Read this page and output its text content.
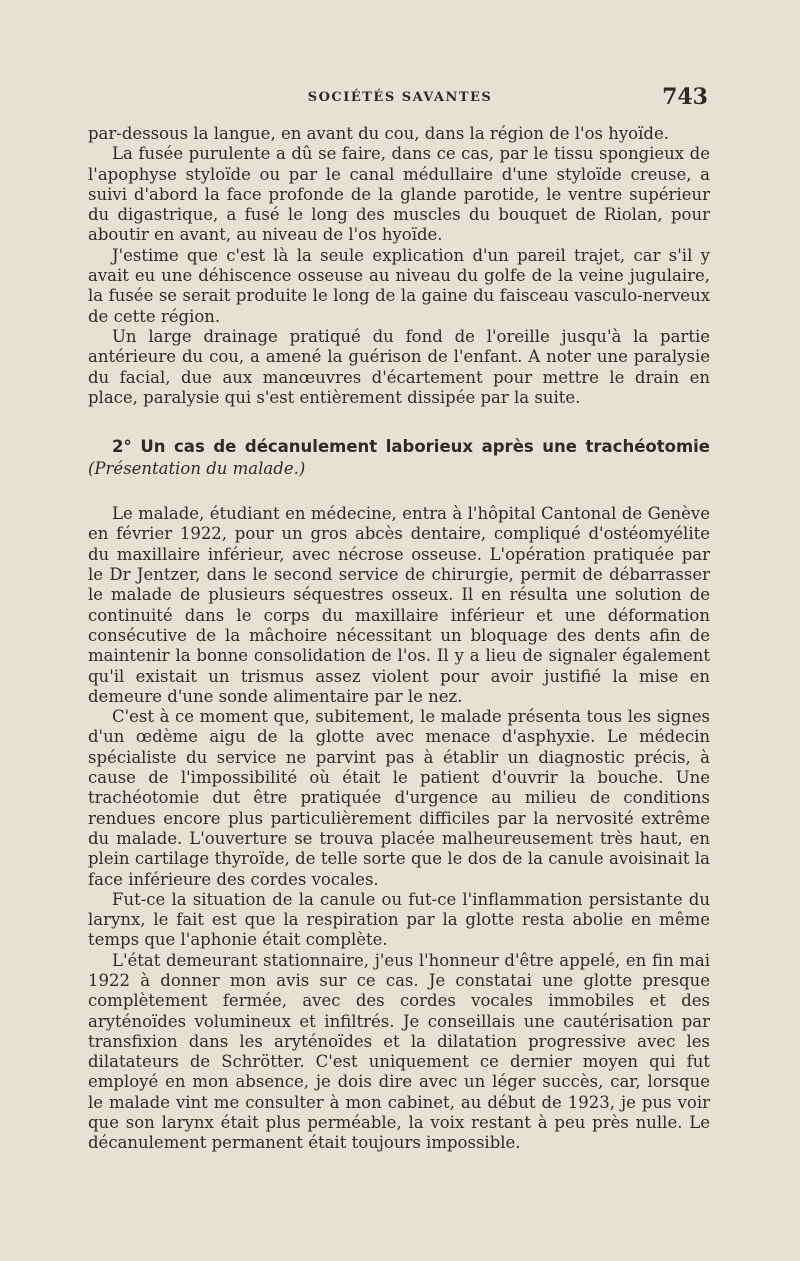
SOCIÉTÉS SAVANTES	743

par-dessous la langue, en avant du cou, dans la région de l'os hyoïde.

La fusée purulente a dû se faire, dans ce cas, par le tissu spongieux de l'apophyse styloïde ou par le canal médullaire d'une styloïde creuse, a suivi d'abord la face profonde de la glande parotide, le ventre supérieur du digastrique, a fusé le long des muscles du bouquet de Riolan, pour aboutir en avant, au niveau de l'os hyoïde.

J'estime que c'est là la seule explication d'un pareil trajet, car s'il y avait eu une déhiscence osseuse au niveau du golfe de la veine jugulaire, la fusée se serait produite le long de la gaine du faisceau vasculo-nerveux de cette région.

Un large drainage pratiqué du fond de l'oreille jusqu'à la partie antérieure du cou, a amené la guérison de l'enfant. A noter une paralysie du facial, due aux manœuvres d'écartement pour mettre le drain en place, paralysie qui s'est entièrement dissipée par la suite.

2° Un cas de décanulement laborieux après une trachéotomie (Présentation du malade.)

Le malade, étudiant en médecine, entra à l'hôpital Cantonal de Genève en février 1922, pour un gros abcès dentaire, compliqué d'ostéomyélite du maxillaire inférieur, avec nécrose osseuse. L'opération pratiquée par le Dr Jentzer, dans le second service de chirurgie, permit de débarrasser le malade de plusieurs séquestres osseux. Il en résulta une solution de continuité dans le corps du maxillaire inférieur et une déformation consécutive de la mâchoire nécessitant un bloquage des dents afin de maintenir la bonne consolidation de l'os. Il y a lieu de signaler également qu'il existait un trismus assez violent pour avoir justifié la mise en demeure d'une sonde alimentaire par le nez.

C'est à ce moment que, subitement, le malade présenta tous les signes d'un œdème aigu de la glotte avec menace d'asphyxie. Le médecin spécialiste du service ne parvint pas à établir un diagnostic précis, à cause de l'impossibilité où était le patient d'ouvrir la bouche. Une trachéotomie dut être pratiquée d'urgence au milieu de conditions rendues encore plus particulièrement difficiles par la nervosité extrême du malade. L'ouverture se trouva placée malheureusement très haut, en plein cartilage thyroïde, de telle sorte que le dos de la canule avoisinait la face inférieure des cordes vocales.

Fut-ce la situation de la canule ou fut-ce l'inflammation persistante du larynx, le fait est que la respiration par la glotte resta abolie en même temps que l'aphonie était complète.

L'état demeurant stationnaire, j'eus l'honneur d'être appelé, en fin mai 1922 à donner mon avis sur ce cas. Je constatai une glotte presque complètement fermée, avec des cordes vocales immobiles et des aryténoïdes volumineux et infiltrés. Je conseillais une cautérisation par transfixion dans les aryténoïdes et la dilatation progressive avec les dilatateurs de Schrötter. C'est uniquement ce dernier moyen qui fut employé en mon absence, je dois dire avec un léger succès, car, lorsque le malade vint me consulter à mon cabinet, au début de 1923, je pus voir que son larynx était plus perméable, la voix restant à peu près nulle. Le décanulement permanent était toujours impossible.
